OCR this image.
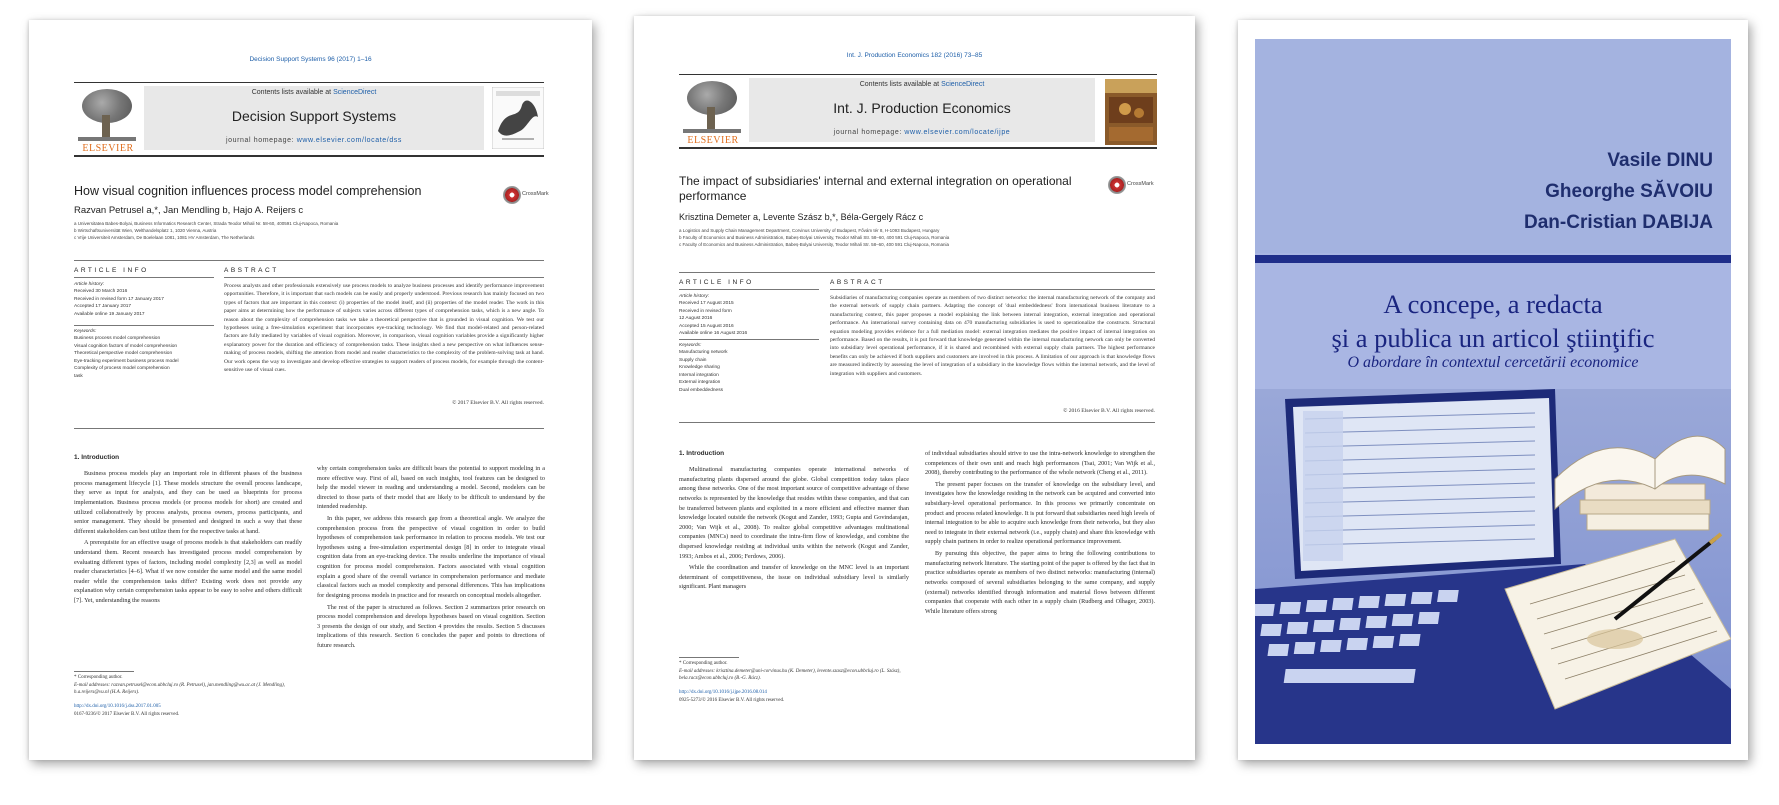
Decision Support Systems 96 (2017) 1–16
ELSEVIER
Contents lists available at ScienceDirect
Decision Support Systems
journal homepage: www.elsevier.com/locate/dss
How visual cognition influences process model comprehension	CrossMark
Razvan Petrusel a,*, Jan Mendling b, Hajo A. Reijers c
a Universitatea Babes-Bolyai, Business Informatics Research Center, Strada Teodor Mihali Nr. 58-60, 400591 Cluj-Napoca, Romania
b Wirtschaftsuniversität Wien, Welthandelsplatz 1, 1020 Vienna, Austria
c Vrije Universiteit Amsterdam, De Boelelaan 1081, 1081 HV Amsterdam, The Netherlands
ARTICLE INFO	ABSTRACT

Article history:

Received 30 March 2016

Received in revised form 17 January 2017

Accepted 17 January 2017

Available online 19 January 2017

Keywords:

Business process model comprehension

Visual cognition factors of model comprehension

Theoretical perspective model comprehension

Eye-tracking experiment business process model

Complexity of process model comprehension

task

Process analysts and other professionals extensively use process models to analyze business processes and identify performance improvement opportunities. Therefore, it is important that such models can be easily and properly understood. Previous research has mainly focused on two types of factors that are important in this context: (i) properties of the model itself, and (ii) properties of the model reader. The work in this paper aims at determining how the performance of subjects varies across different types of comprehension tasks, which is a new angle. To reason about the complexity of comprehension tasks we take a theoretical perspective that is grounded in visual cognition. We test our hypotheses using a free-simulation experiment that incorporates eye-tracking technology. We find that model-related and person-related factors are fully mediated by variables of visual cognition. Moreover, in comparison, visual cognition variables provide a significantly higher explanatory power for the duration and efficiency of comprehension tasks. These insights shed a new perspective on what influences sense-making of process models, shifting the attention from model and reader characteristics to the complexity of the problem-solving task at hand. Our work opens the way to investigate and develop effective strategies to support readers of process models, for example through the content-sensitive use of visual cues.
© 2017 Elsevier B.V. All rights reserved.

1. Introduction

Business process models play an important role in different phases of the business process management lifecycle [1]. These models structure the overall process landscape, they serve as input for analysis, and they can be used as blueprints for process implementation. Business process models (or process models for short) are created and utilized collaboratively by process analysts, process owners, process participants, and senior management. They should be presented and designed in such a way that these different stakeholders can best utilize them for the respective tasks at hand.

A prerequisite for an effective usage of process models is that stakeholders can readily understand them. Recent research has investigated process model comprehension by evaluating different types of factors, including model complexity [2,3] as well as model reader characteristics [4–6]. What if we now consider the same model and the same model reader while the comprehension tasks differ? Existing work does not provide any explanation why certain comprehension tasks appear to be easy to solve and others difficult [7]. Yet, understanding the reasons

why certain comprehension tasks are difficult bears the potential to support modeling in a more effective way. First of all, based on such insights, tool features can be designed to help the model viewer in reading and understanding a model. Second, modelers can be directed to those parts of their model that are likely to be difficult to understand by the intended readership.

In this paper, we address this research gap from a theoretical angle. We analyze the comprehension process from the perspective of visual cognition in order to build hypotheses of comprehension task performance in relation to process models. We test our hypotheses using a free-simulation experimental design [8] in order to integrate visual cognition data from an eye-tracking device. The results underline the importance of visual cognition for process model comprehension. Factors associated with visual cognition explain a good share of the overall variance in comprehension performance and mediate classical factors such as model complexity and personal differences. This has implications for designing process models in practice and for research on conceptual models altogether.

The rest of the paper is structured as follows. Section 2 summarizes prior research on process model comprehension and develops hypotheses based on visual cognition. Section 3 presents the design of our study, and Section 4 provides the results. Section 5 discusses implications of this research. Section 6 concludes the paper and points to directions of future research.

* Corresponding author.
E-mail addresses: razvan.petrusel@econ.ubbcluj.ro (R. Petrusel), jan.mendling@wu.ac.at (J. Mendling), h.a.reijers@vu.nl (H.A. Reijers).
http://dx.doi.org/10.1016/j.dss.2017.01.005
0167-9236/© 2017 Elsevier B.V. All rights reserved.
Int. J. Production Economics 182 (2016) 73–85
ELSEVIER
Contents lists available at ScienceDirect
Int. J. Production Economics
journal homepage: www.elsevier.com/locate/ijpe
The impact of subsidiaries' internal and external integration on operational performance
CrossMark
Krisztina Demeter a, Levente Szász b,*, Béla-Gergely Rácz c
a Logistics and Supply Chain Management Department, Corvinus University of Budapest, Fővám tér 8, H-1093 Budapest, Hungary
b Faculty of Economics and Business Administration, Babeș-Bolyai University, Teodor Mihali Str. 58–60, 400 591 Cluj-Napoca, Romania
c Faculty of Economics and Business Administration, Babeș-Bolyai University, Teodor Mihali Str. 58–60, 400 591 Cluj-Napoca, Romania
ARTICLE INFO	ABSTRACT

Article history:

Received 17 August 2015

Received in revised form

12 August 2016

Accepted 15 August 2016

Available online 16 August 2016

Keywords:

Manufacturing network

Supply chain

Knowledge sharing

Internal integration

External integration

Dual embeddedness

Subsidiaries of manufacturing companies operate as members of two distinct networks: the internal manufacturing network of the company and the external network of supply chain partners. Adapting the concept of 'dual embeddedness' from international business literature to a manufacturing context, this paper proposes a model explaining the link between internal integration, external integration and operational performance. An international survey containing data on 470 manufacturing subsidiaries is used to operationalize the constructs. Structural equation modeling provides evidence for a full mediation model: external integration mediates the positive impact of internal integration on performance. Based on the results, it is put forward that knowledge generated within the internal manufacturing network can only be converted into subsidiary level operational performance, if it is shared and recombined with external supply chain partners. The highest performance benefits can only be achieved if both suppliers and customers are involved in this process. A limitation of our approach is that knowledge flows are measured indirectly by assessing the level of integration of a subsidiary in the knowledge flows within the internal network, and the level of integration with suppliers and customers.
© 2016 Elsevier B.V. All rights reserved.

1. Introduction

Multinational manufacturing companies operate international networks of manufacturing plants dispersed around the globe. Global competition today takes place among these networks. One of the most important source of competitive advantage of these networks is represented by the knowledge that resides within these companies, and that can be transferred between plants and exploited in a more efficient and effective manner than knowledge located outside the network (Kogut and Zander, 1993; Gupta and Govindarajan, 2000; Van Wijk et al., 2008). To realize global competitive advantages multinational companies (MNCs) need to coordinate the intra-firm flow of knowledge, and combine the dispersed knowledge residing at individual units within the network (Kogut and Zander, 1993; Ambos et al., 2006; Ferdows, 2006).

While the coordination and transfer of knowledge on the MNC level is an important determinant of competitiveness, the issue on individual subsidiary level is similarly significant. Plant managers

of individual subsidiaries should strive to use the intra-network knowledge to strengthen the competences of their own unit and reach high performances (Tsai, 2001; Van Wijk et al., 2008), thereby contributing to the performance of the whole network (Cheng et al., 2011).

The present paper focuses on the transfer of knowledge on the subsidiary level, and investigates how the knowledge residing in the network can be acquired and converted into subsidiary-level operational performance. In this process we primarily concentrate on product and process related knowledge. It is put forward that subsidiaries need high levels of internal integration to be able to acquire such knowledge from their networks, but they also need to integrate in their external network (i.e., supply chain) and share this knowledge with supply chain partners in order to realize operational performance improvement.

By pursuing this objective, the paper aims to bring the following contributions to manufacturing network literature. The starting point of the paper is offered by the fact that in practice subsidiaries operate as members of two distinct networks: manufacturing (internal) networks composed of several subsidiaries belonging to the same company, and supply (external) networks identified through information and material flows between different companies that cooperate with each other in a supply chain (Rudberg and Olhager, 2003). While literature offers strong

* Corresponding author.
E-mail addresses: krisztina.demeter@uni-corvinus.hu (K. Demeter), levente.szasz@econ.ubbcluj.ro (L. Szász), bela.racz@econ.ubbcluj.ro (B.-G. Rácz).
http://dx.doi.org/10.1016/j.ijpe.2016.08.014
0925-5273/© 2016 Elsevier B.V. All rights reserved.
Vasile DINU
Gheorghe SĂVOIU
Dan-Cristian DABIJA
A concepe, a redacta
şi a publica un articol ştiinţific
O abordare în contextul cercetării economice
